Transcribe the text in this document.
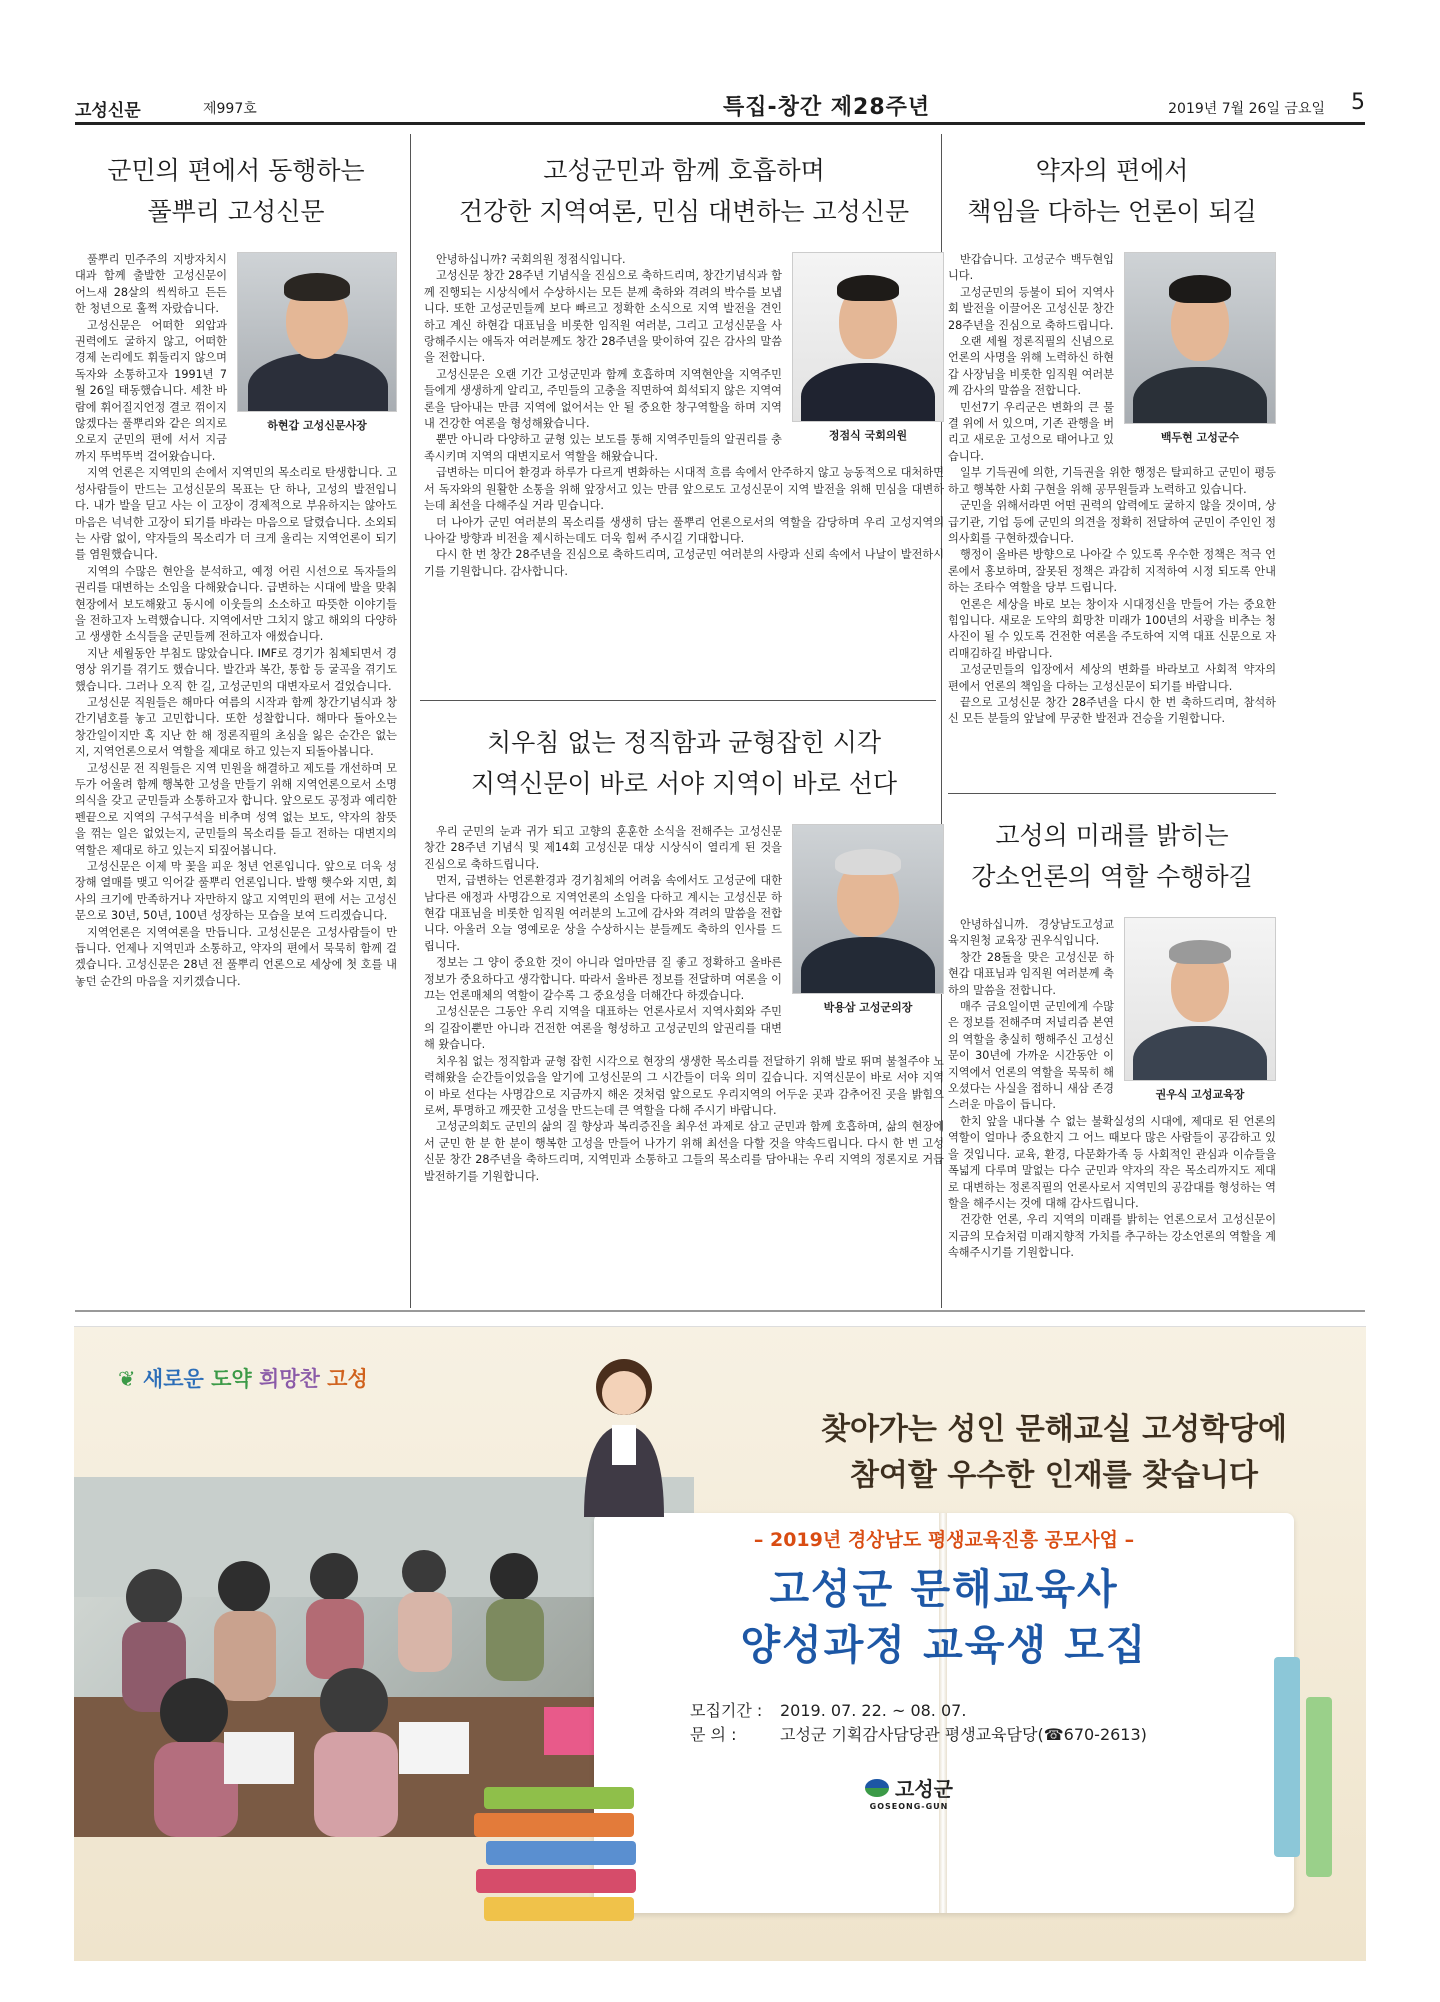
고성신문	제997호	특집-창간 제28주년	2019년 7월 26일 금요일 5
군민의 편에서 동행하는
풀뿌리 고성신문
하현갑 고성신문사장

풀뿌리 민주주의 지방자치시대과 함께 출발한 고성신문이 어느새 28살의 씩씩하고 든든한 청년으로 훌쩍 자랐습니다.

고성신문은 어떠한 외압과 권력에도 굴하지 않고, 어떠한 경제 논리에도 휘둘리지 않으며 독자와 소통하고자 1991년 7월 26일 태동했습니다. 세찬 바람에 휘어질지언정 결코 꺾이지 않겠다는 풀뿌리와 같은 의지로 오로지 군민의 편에 서서 지금까지 뚜벅뚜벅 걸어왔습니다.

지역 언론은 지역민의 손에서 지역민의 목소리로 탄생합니다. 고성사람들이 만드는 고성신문의 목표는 단 하나, 고성의 발전입니다. 내가 발을 딛고 사는 이 고장이 경제적으로 부유하지는 않아도 마음은 넉넉한 고장이 되기를 바라는 마음으로 달렸습니다. 소외되는 사람 없이, 약자들의 목소리가 더 크게 울리는 지역언론이 되기를 염원했습니다.

지역의 수많은 현안을 분석하고, 예정 어린 시선으로 독자들의 권리를 대변하는 소임을 다해왔습니다. 급변하는 시대에 발을 맞춰 현장에서 보도해왔고 동시에 이웃들의 소소하고 따뜻한 이야기들을 전하고자 노력했습니다. 지역에서만 그치지 않고 해외의 다양하고 생생한 소식들을 군민들께 전하고자 애썼습니다.

지난 세월동안 부침도 많았습니다. IMF로 경기가 침체되면서 경영상 위기를 겪기도 했습니다. 발간과 복간, 통합 등 굴곡을 겪기도 했습니다. 그러나 오직 한 길, 고성군민의 대변자로서 걸었습니다.

고성신문 직원들은 해마다 여름의 시작과 함께 창간기념식과 창간기념호를 놓고 고민합니다. 또한 성찰합니다. 해마다 돌아오는 창간일이지만 혹 지난 한 해 정론직필의 초심을 잃은 순간은 없는지, 지역언론으로서 역할을 제대로 하고 있는지 되돌아봅니다.

고성신문 전 직원들은 지역 민원을 해결하고 제도를 개선하며 모두가 어울려 함께 행복한 고성을 만들기 위해 지역언론으로서 소명의식을 갖고 군민들과 소통하고자 합니다. 앞으로도 공정과 예리한 펜끝으로 지역의 구석구석을 비추며 성역 없는 보도, 약자의 참뜻을 꺾는 일은 없었는지, 군민들의 목소리를 듣고 전하는 대변지의 역할은 제대로 하고 있는지 되짚어봅니다.

고성신문은 이제 막 꽃을 피운 청년 언론입니다. 앞으로 더욱 성장해 열매를 맺고 익어갈 풀뿌리 언론입니다. 발행 햇수와 지면, 회사의 크기에 만족하거나 자만하지 않고 지역민의 편에 서는 고성신문으로 30년, 50년, 100년 성장하는 모습을 보여 드리겠습니다.

지역언론은 지역여론을 만듭니다. 고성신문은 고성사람들이 만듭니다. 언제나 지역민과 소통하고, 약자의 편에서 묵묵히 함께 걸겠습니다. 고성신문은 28년 전 풀뿌리 언론으로 세상에 첫 호를 내놓던 순간의 마음을 지키겠습니다.

고성군민과 함께 호흡하며
건강한 지역여론, 민심 대변하는 고성신문
정점식 국회의원

안녕하십니까? 국회의원 정점식입니다.

고성신문 창간 28주년 기념식을 진심으로 축하드리며, 창간기념식과 함께 진행되는 시상식에서 수상하시는 모든 분께 축하와 격려의 박수를 보냅니다. 또한 고성군민들께 보다 빠르고 정확한 소식으로 지역 발전을 견인하고 계신 하현갑 대표님을 비롯한 임직원 여러분, 그리고 고성신문을 사랑해주시는 애독자 여러분께도 창간 28주년을 맞이하여 깊은 감사의 말씀을 전합니다.

고성신문은 오랜 기간 고성군민과 함께 호흡하며 지역현안을 지역주민들에게 생생하게 알리고, 주민들의 고충을 직면하여 희석되지 않은 지역여론을 담아내는 만큼 지역에 없어서는 안 될 중요한 창구역할을 하며 지역 내 건강한 여론을 형성해왔습니다.

뿐만 아니라 다양하고 균형 있는 보도를 통해 지역주민들의 알권리를 충족시키며 지역의 대변지로서 역할을 해왔습니다.

급변하는 미디어 환경과 하루가 다르게 변화하는 시대적 흐름 속에서 안주하지 않고 능동적으로 대처하면서 독자와의 원활한 소통을 위해 앞장서고 있는 만큼 앞으로도 고성신문이 지역 발전을 위해 민심을 대변하는데 최선을 다해주실 거라 믿습니다.

더 나아가 군민 여러분의 목소리를 생생히 담는 풀뿌리 언론으로서의 역할을 감당하며 우리 고성지역의 나아갈 방향과 비전을 제시하는데도 더욱 힘써 주시길 기대합니다.

다시 한 번 창간 28주년을 진심으로 축하드리며, 고성군민 여러분의 사랑과 신뢰 속에서 나날이 발전하시기를 기원합니다. 감사합니다.

치우침 없는 정직함과 균형잡힌 시각
지역신문이 바로 서야 지역이 바로 선다
박용삼 고성군의장

우리 군민의 눈과 귀가 되고 고향의 훈훈한 소식을 전해주는 고성신문 창간 28주년 기념식 및 제14회 고성신문 대상 시상식이 열리게 된 것을 진심으로 축하드립니다.

먼저, 급변하는 언론환경과 경기침체의 어려움 속에서도 고성군에 대한 남다른 애정과 사명감으로 지역언론의 소임을 다하고 계시는 고성신문 하현갑 대표님을 비롯한 임직원 여러분의 노고에 감사와 격려의 말씀을 전합니다. 아울러 오늘 영예로운 상을 수상하시는 분들께도 축하의 인사를 드립니다.

정보는 그 양이 중요한 것이 아니라 얼마만큼 질 좋고 정확하고 올바른 정보가 중요하다고 생각합니다. 따라서 올바른 정보를 전달하며 여론을 이끄는 언론매체의 역할이 갈수록 그 중요성을 더해간다 하겠습니다.

고성신문은 그동안 우리 지역을 대표하는 언론사로서 지역사회와 주민의 길잡이뿐만 아니라 건전한 여론을 형성하고 고성군민의 알권리를 대변해 왔습니다.

치우침 없는 정직함과 균형 잡힌 시각으로 현장의 생생한 목소리를 전달하기 위해 발로 뛰며 불철주야 노력해왔을 순간들이었음을 알기에 고성신문의 그 시간들이 더욱 의미 깊습니다. 지역신문이 바로 서야 지역이 바로 선다는 사명감으로 지금까지 해온 것처럼 앞으로도 우리지역의 어두운 곳과 감추어진 곳을 밝힘으로써, 투명하고 깨끗한 고성을 만드는데 큰 역할을 다해 주시기 바랍니다.

고성군의회도 군민의 삶의 질 향상과 복리증진을 최우선 과제로 삼고 군민과 함께 호흡하며, 삶의 현장에서 군민 한 분 한 분이 행복한 고성을 만들어 나가기 위해 최선을 다할 것을 약속드립니다. 다시 한 번 고성신문 창간 28주년을 축하드리며, 지역민과 소통하고 그들의 목소리를 담아내는 우리 지역의 정론지로 거듭 발전하기를 기원합니다.

약자의 편에서
책임을 다하는 언론이 되길
백두현 고성군수

반갑습니다. 고성군수 백두현입니다.

고성군민의 등불이 되어 지역사회 발전을 이끌어온 고성신문 창간 28주년을 진심으로 축하드립니다.

오랜 세월 정론직필의 신념으로 언론의 사명을 위해 노력하신 하현갑 사장님을 비롯한 임직원 여러분께 감사의 말씀을 전합니다.

민선7기 우리군은 변화의 큰 물결 위에 서 있으며, 기존 관행을 버리고 새로운 고성으로 태어나고 있습니다.

일부 기득권에 의한, 기득권을 위한 행정은 탈피하고 군민이 평등하고 행복한 사회 구현을 위해 공무원들과 노력하고 있습니다.

군민을 위해서라면 어떤 권력의 압력에도 굴하지 않을 것이며, 상급기관, 기업 등에 군민의 의견을 정확히 전달하여 군민이 주인인 정의사회를 구현하겠습니다.

행정이 올바른 방향으로 나아갈 수 있도록 우수한 정책은 적극 언론에서 홍보하며, 잘못된 정책은 과감히 지적하여 시정 되도록 안내하는 조타수 역할을 당부 드립니다.

언론은 세상을 바로 보는 창이자 시대정신을 만들어 가는 중요한 힘입니다. 새로운 도약의 희망찬 미래가 100년의 서광을 비추는 청사진이 될 수 있도록 건전한 여론을 주도하여 지역 대표 신문으로 자리매김하길 바랍니다.

고성군민들의 입장에서 세상의 변화를 바라보고 사회적 약자의 편에서 언론의 책임을 다하는 고성신문이 되기를 바랍니다.

끝으로 고성신문 창간 28주년을 다시 한 번 축하드리며, 참석하신 모든 분들의 앞날에 무궁한 발전과 건승을 기원합니다.

고성의 미래를 밝히는
강소언론의 역할 수행하길
권우식 고성교육장

안녕하십니까. 경상남도고성교육지원청 교육장 권우식입니다.

창간 28돌을 맞은 고성신문 하현갑 대표님과 임직원 여러분께 축하의 말씀을 전합니다.

매주 금요일이면 군민에게 수많은 정보를 전해주며 저널리즘 본연의 역할을 충실히 행해주신 고성신문이 30년에 가까운 시간동안 이 지역에서 언론의 역할을 묵묵히 해 오셨다는 사실을 접하니 새삼 존경스러운 마음이 듭니다.

한치 앞을 내다볼 수 없는 불확실성의 시대에, 제대로 된 언론의 역할이 얼마나 중요한지 그 어느 때보다 많은 사람들이 공감하고 있을 것입니다. 교육, 환경, 다문화가족 등 사회적인 관심과 이슈들을 폭넓게 다루며 말없는 다수 군민과 약자의 작은 목소리까지도 제대로 대변하는 정론직필의 언론사로서 지역민의 공감대를 형성하는 역할을 해주시는 것에 대해 감사드립니다.

건강한 언론, 우리 지역의 미래를 밝히는 언론으로서 고성신문이 지금의 모습처럼 미래지향적 가치를 추구하는 강소언론의 역할을 계속해주시기를 기원합니다.

❦ 새로운 도약 희망찬 고성
찾아가는 성인 문해교실 고성학당에
참여할 우수한 인재를 찾습니다
– 2019년 경상남도 평생교육진흥 공모사업 –
고성군 문해교육사
양성과정 교육생 모집
모집기간 : 2019. 07. 22. ~ 08. 07.
문 의 :	고성군 기획감사담당관 평생교육담당(☎670-2613)
고성군
GOSEONG-GUN
